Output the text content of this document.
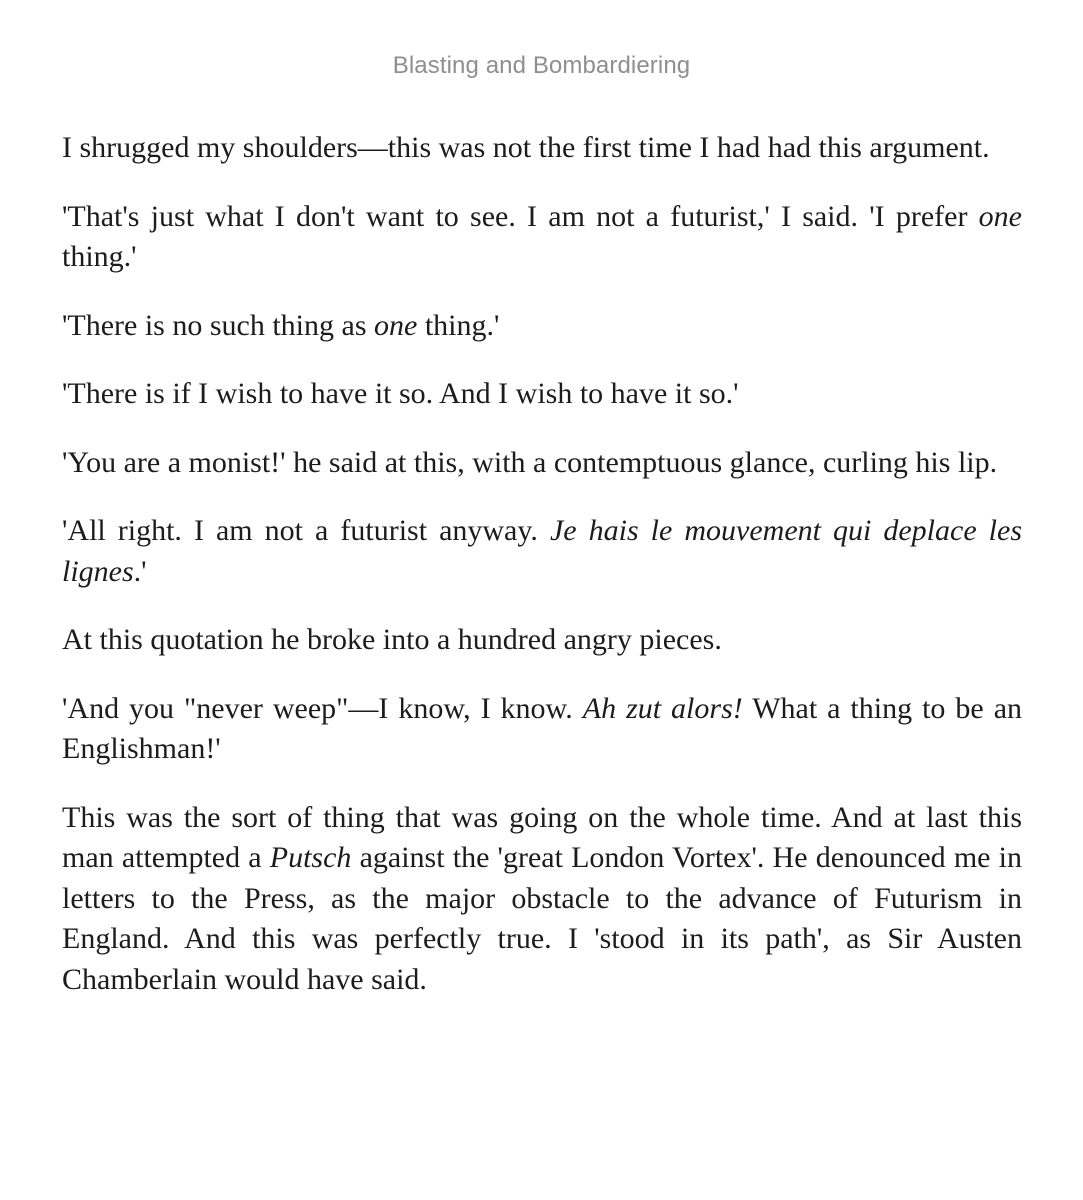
Blasting and Bombardiering

I shrugged my shoulders—this was not the first time I had had this argument.

'That's just what I don't want to see. I am not a futurist,' I said. 'I prefer one thing.'

'There is no such thing as one thing.'

'There is if I wish to have it so. And I wish to have it so.'

'You are a monist!' he said at this, with a contemptuous glance, curling his lip.

'All right. I am not a futurist anyway. Je hais le mouvement qui deplace les lignes.'

At this quotation he broke into a hundred angry pieces.

'And you "never weep"—I know, I know. Ah zut alors! What a thing to be an Englishman!'

This was the sort of thing that was going on the whole time. And at last this man attempted a Putsch against the 'great London Vortex'. He denounced me in letters to the Press, as the major obstacle to the advance of Futurism in England. And this was perfectly true. I 'stood in its path', as Sir Austen Chamberlain would have said.
